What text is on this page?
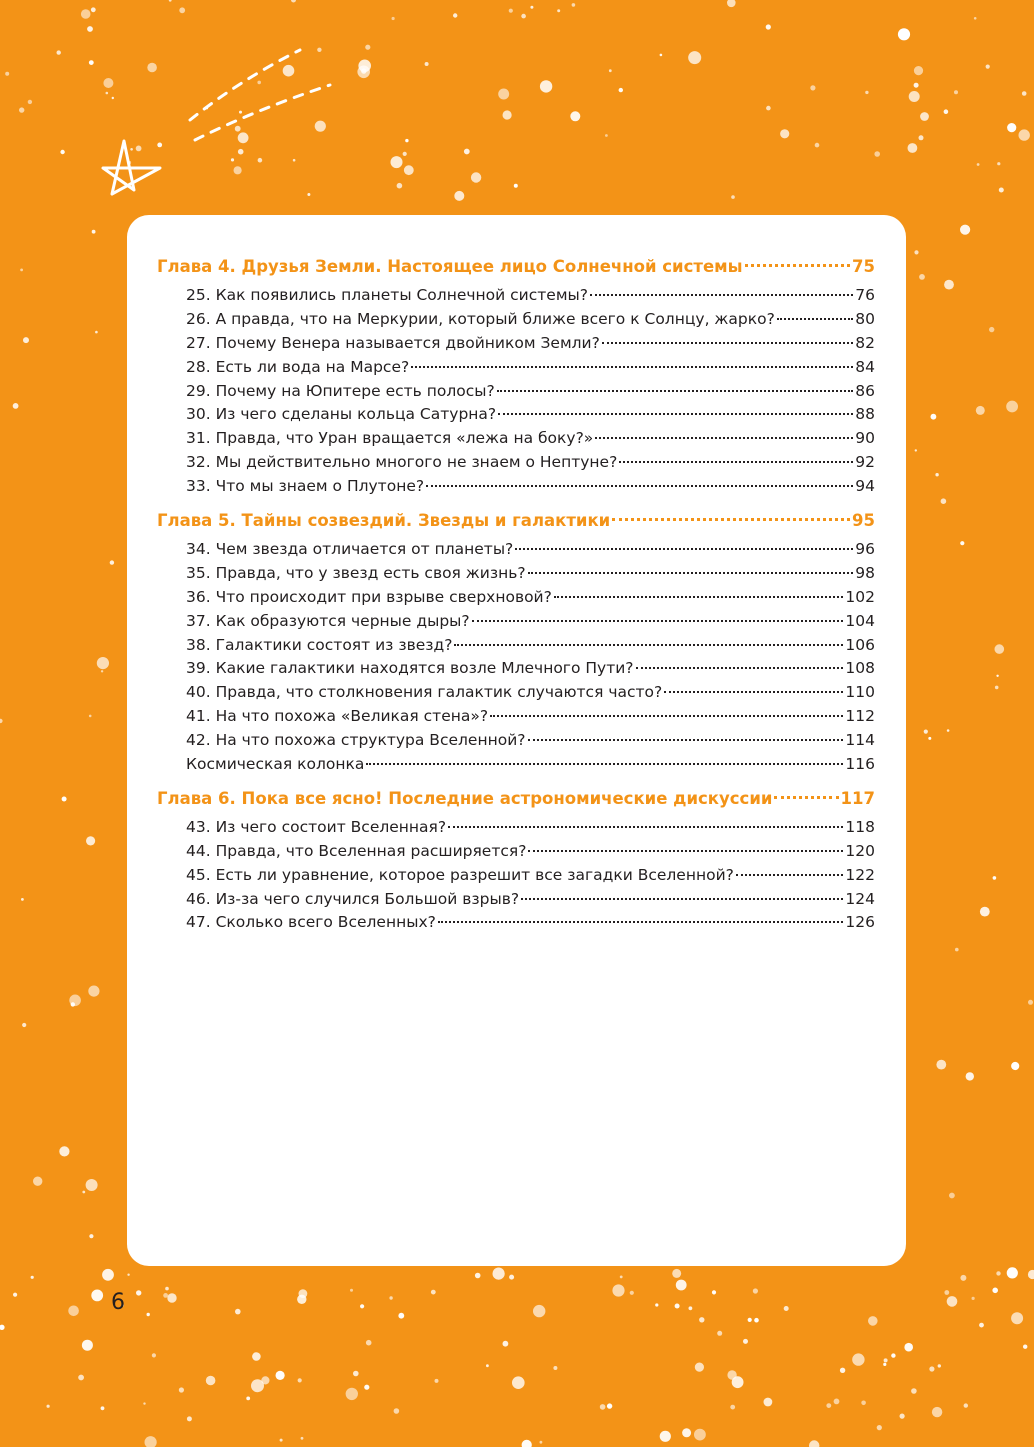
Глава 4. Друзья Земли. Настоящее лицо Солнечной системы	75
25. Как появились планеты Солнечной системы?	76
26. А правда, что на Меркурии, который ближе всего к Солнцу, жарко?	80
27. Почему Венера называется двойником Земли?	82
28. Есть ли вода на Марсе?	84
29. Почему на Юпитере есть полосы?	86
30. Из чего сделаны кольца Сатурна?	88
31. Правда, что Уран вращается «лежа на боку?»	90
32. Мы действительно многого не знаем о Нептуне?	92
33. Что мы знаем о Плутоне?	94
Глава 5. Тайны созвездий. Звезды и галактики	95
34. Чем звезда отличается от планеты?	96
35. Правда, что у звезд есть своя жизнь?	98
36. Что происходит при взрыве сверхновой?	102
37. Как образуются черные дыры?	104
38. Галактики состоят из звезд?	106
39. Какие галактики находятся возле Млечного Пути?	108
40. Правда, что столкновения галактик случаются часто?	110
41. На что похожа «Великая стена»?	112
42. На что похожа структура Вселенной?	114
Космическая колонка	116
Глава 6. Пока все ясно! Последние астрономические дискуссии	117
43. Из чего состоит Вселенная?	118
44. Правда, что Вселенная расширяется?	120
45. Есть ли уравнение, которое разрешит все загадки Вселенной?	122
46. Из-за чего случился Большой взрыв?	124
47. Сколько всего Вселенных?	126
6
